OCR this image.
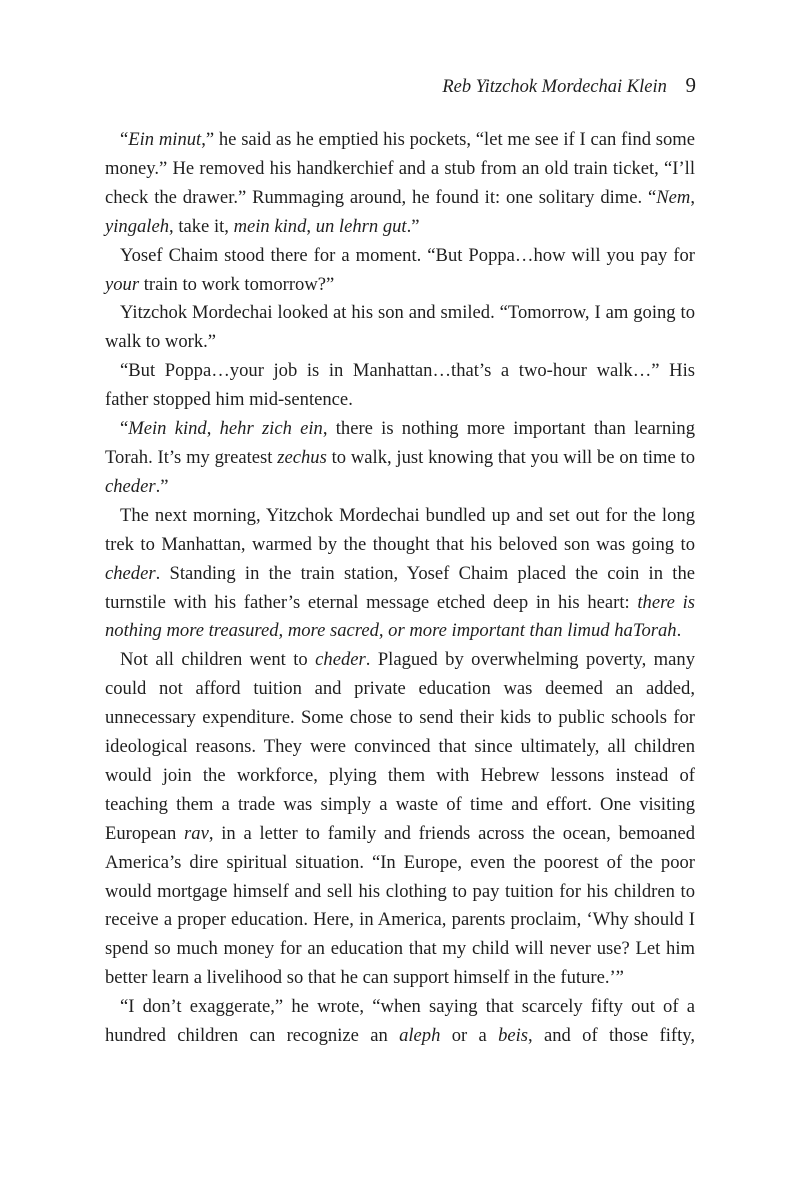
Reb Yitzchok Mordechai Klein 9

“Ein minut,” he said as he emptied his pockets, “let me see if I can find some money.” He removed his handkerchief and a stub from an old train ticket, “I’ll check the drawer.” Rummaging around, he found it: one solitary dime. “Nem, yingaleh, take it, mein kind, un lehrn gut.”

Yosef Chaim stood there for a moment. “But Poppa…how will you pay for your train to work tomorrow?”

Yitzchok Mordechai looked at his son and smiled. “Tomorrow, I am going to walk to work.”

“But Poppa…your job is in Manhattan…that’s a two-hour walk…” His father stopped him mid-sentence.

“Mein kind, hehr zich ein, there is nothing more important than learning Torah. It’s my greatest zechus to walk, just knowing that you will be on time to cheder.”

The next morning, Yitzchok Mordechai bundled up and set out for the long trek to Manhattan, warmed by the thought that his beloved son was going to cheder. Standing in the train station, Yosef Chaim placed the coin in the turnstile with his father’s eternal message etched deep in his heart: there is nothing more treasured, more sacred, or more important than limud haTorah.

Not all children went to cheder. Plagued by overwhelming poverty, many could not afford tuition and private education was deemed an added, unnecessary expenditure. Some chose to send their kids to public schools for ideological reasons. They were convinced that since ultimately, all children would join the workforce, plying them with Hebrew lessons instead of teaching them a trade was simply a waste of time and effort. One visiting European rav, in a letter to family and friends across the ocean, bemoaned America’s dire spiritual situation. “In Europe, even the poorest of the poor would mortgage himself and sell his clothing to pay tuition for his children to receive a proper education. Here, in America, parents proclaim, ‘Why should I spend so much money for an education that my child will never use? Let him better learn a livelihood so that he can support himself in the future.’”

“I don’t exaggerate,” he wrote, “when saying that scarcely fifty out of a hundred children can recognize an aleph or a beis, and of those fifty,
